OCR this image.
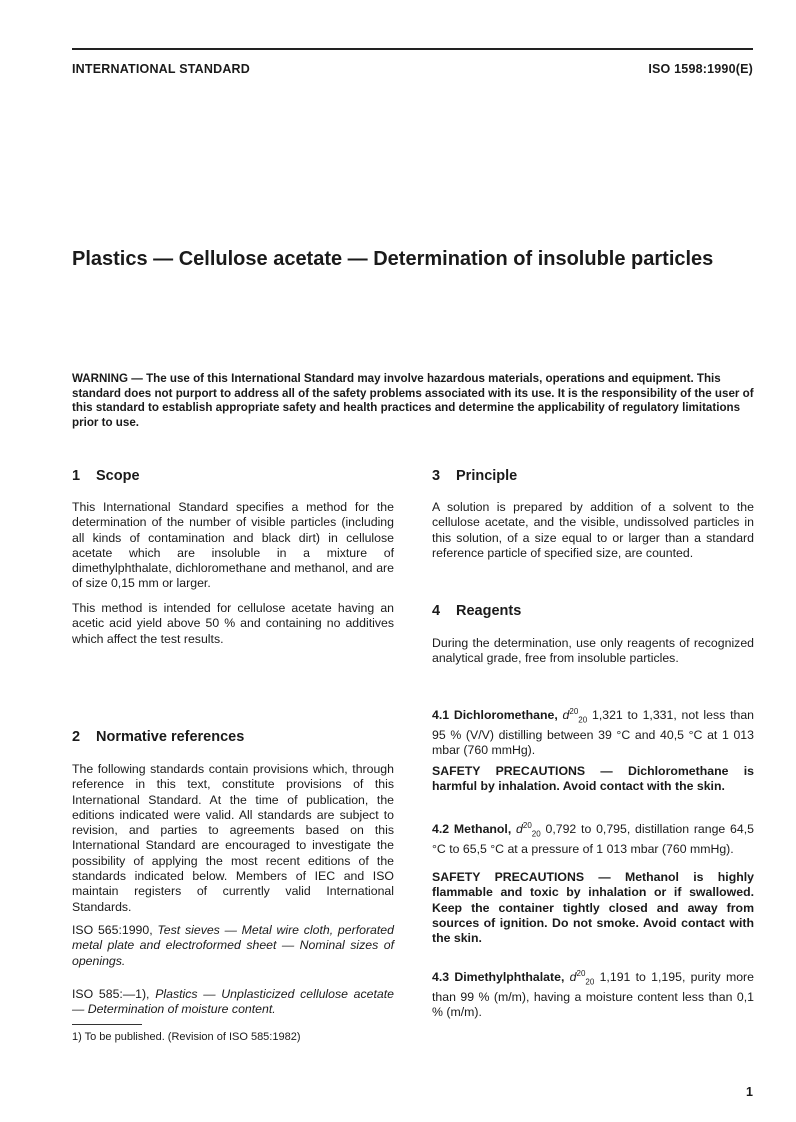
INTERNATIONAL STANDARD	ISO 1598:1990(E)
Plastics — Cellulose acetate — Determination of insoluble particles

WARNING — The use of this International Standard may involve hazardous materials, operations and equipment. This standard does not purport to address all of the safety problems associated with its use. It is the responsibility of the user of this standard to establish appropriate safety and health practices and determine the applicability of regulatory limitations prior to use.

1 Scope

This International Standard specifies a method for the determination of the number of visible particles (including all kinds of contamination and black dirt) in cellulose acetate which are insoluble in a mixture of dimethylphthalate, dichloromethane and methanol, and are of size 0,15 mm or larger.

This method is intended for cellulose acetate having an acetic acid yield above 50 % and containing no additives which affect the test results.

2 Normative references

The following standards contain provisions which, through reference in this text, constitute provisions of this International Standard. At the time of publication, the editions indicated were valid. All standards are subject to revision, and parties to agreements based on this International Standard are encouraged to investigate the possibility of applying the most recent editions of the standards indicated below. Members of IEC and ISO maintain registers of currently valid International Standards.

ISO 565:1990, Test sieves — Metal wire cloth, perforated metal plate and electroformed sheet — Nominal sizes of openings.

ISO 585:—1), Plastics — Unplasticized cellulose acetate — Determination of moisture content.

3 Principle

A solution is prepared by addition of a solvent to the cellulose acetate, and the visible, undissolved particles in this solution, of a size equal to or larger than a standard reference particle of specified size, are counted.

4 Reagents

During the determination, use only reagents of recognized analytical grade, free from insoluble particles.

4.1 Dichloromethane, $d^{20}_{20}$ 1,321 to 1,331, not less than 95 % (V/V) distilling between 39 °C and 40,5 °C at 1 013 mbar (760 mmHg).

SAFETY PRECAUTIONS — Dichloromethane is harmful by inhalation. Avoid contact with the skin.

4.2 Methanol, $d^{20}_{20}$ 0,792 to 0,795, distillation range 64,5 °C to 65,5 °C at a pressure of 1 013 mbar (760 mmHg).

SAFETY PRECAUTIONS — Methanol is highly flammable and toxic by inhalation or if swallowed. Keep the container tightly closed and away from sources of ignition. Do not smoke. Avoid contact with the skin.

4.3 Dimethylphthalate, $d^{20}_{20}$ 1,191 to 1,195, purity more than 99 % (m/m), having a moisture content less than 0,1 % (m/m).

1) To be published. (Revision of ISO 585:1982)

1
